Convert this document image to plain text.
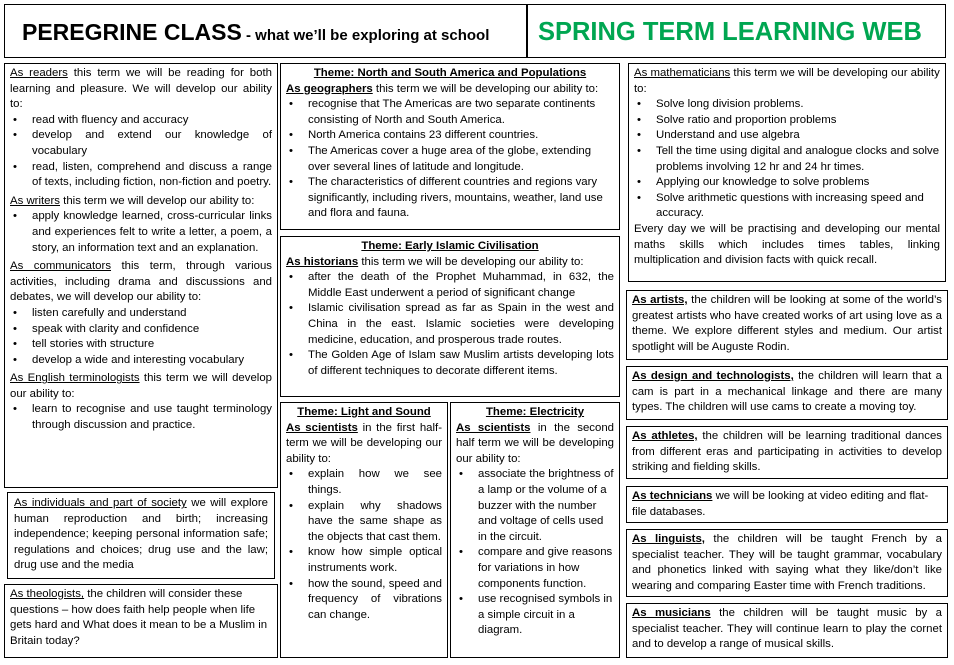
PEREGRINE CLASS - what we’ll be exploring at school	SPRING TERM LEARNING WEB
As readers this term we will be reading for both learning and pleasure. We will develop our ability to:
• read with fluency and accuracy
• develop and extend our knowledge of vocabulary
• read, listen, comprehend and discuss a range of texts, including fiction, non-fiction and poetry.
As writers this term we will develop our ability to:
• apply knowledge learned, cross-curricular links and experiences felt to write a letter, a poem, a story, an information text and an explanation.
As communicators this term, through various activities, including drama and discussions and debates, we will develop our ability to:
• listen carefully and understand
• speak with clarity and confidence
• tell stories with structure
• develop a wide and interesting vocabulary
As English terminologists this term we will develop our ability to:
• learn to recognise and use taught terminology through discussion and practice.
As individuals and part of society we will explore human reproduction and birth; increasing independence; keeping personal information safe; regulations and choices; drug use and the law; drug use and the media
As theologists, the children will consider these questions – how does faith help people when life gets hard and What does it mean to be a Muslim in Britain today?
Theme: North and South America and Populations
As geographers this term we will be developing our ability to:
• recognise that The Americas are two separate continents consisting of North and South America.
• North America contains 23 different countries.
• The Americas cover a huge area of the globe, extending over several lines of latitude and longitude.
• The characteristics of different countries and regions vary significantly, including rivers, mountains, weather, land use and flora and fauna.
Theme: Early Islamic Civilisation
As historians this term we will be developing our ability to:
• after the death of the Prophet Muhammad, in 632, the Middle East underwent a period of significant change
• Islamic civilisation spread as far as Spain in the west and China in the east. Islamic societies were developing medicine, education, and prosperous trade routes.
• The Golden Age of Islam saw Muslim artists developing lots of different techniques to decorate different items.
Theme: Light and Sound
As scientists in the first half-term we will be developing our ability to:
• explain how we see things.
• explain why shadows have the same shape as the objects that cast them.
• know how simple optical instruments work.
• how the sound, speed and frequency of vibrations can change.
Theme: Electricity
As scientists in the second half term we will be developing our ability to:
• associate the brightness of a lamp or the volume of a buzzer with the number and voltage of cells used in the circuit.
• compare and give reasons for variations in how components function.
• use recognised symbols in a simple circuit in a diagram.
As mathematicians this term we will be developing our ability to:
• Solve long division problems.
• Solve ratio and proportion problems
• Understand and use algebra
• Tell the time using digital and analogue clocks and solve problems involving 12 hr and 24 hr times.
• Applying our knowledge to solve problems
• Solve arithmetic questions with increasing speed and accuracy.
Every day we will be practising and developing our mental maths skills which includes times tables, linking multiplication and division facts with quick recall.
As artists, the children will be looking at some of the world’s greatest artists who have created works of art using love as a theme. We explore different styles and medium. Our artist spotlight will be Auguste Rodin.
As design and technologists, the children will learn that a cam is part in a mechanical linkage and there are many types. The children will use cams to create a moving toy.
As athletes, the children will be learning traditional dances from different eras and participating in activities to develop striking and fielding skills.
As technicians we will be looking at video editing and flat-file databases.
As linguists, the children will be taught French by a specialist teacher. They will be taught grammar, vocabulary and phonetics linked with saying what they like/don’t like wearing and comparing Easter time with French traditions.
As musicians the children will be taught music by a specialist teacher. They will continue learn to play the cornet and to develop a range of musical skills.
